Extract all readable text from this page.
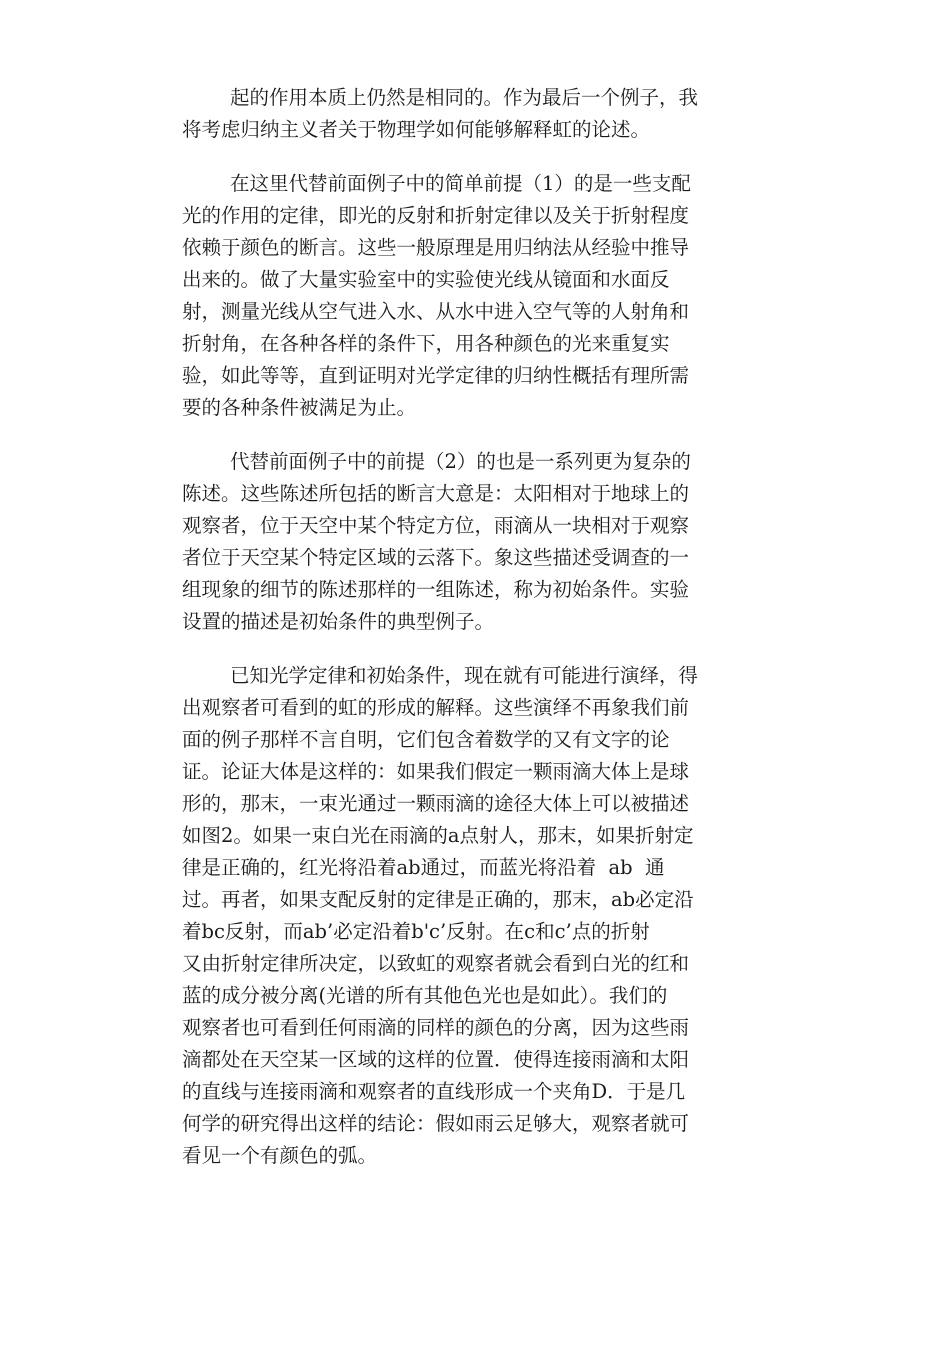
起的作用本质上仍然是相同的。作为最后一个例子，我
将考虑归纳主义者关于物理学如何能够解释虹的论述。
在这里代替前面例子中的简单前提（1）的是一些支配
光的作用的定律，即光的反射和折射定律以及关于折射程度
依赖于颜色的断言。这些一般原理是用归纳法从经验中推导
出来的。做了大量实验室中的实验使光线从镜面和水面反
射，测量光线从空气进入水、从水中进入空气等的人射角和
折射角，在各种各样的条件下，用各种颜色的光来重复实
验，如此等等，直到证明对光学定律的归纳性概括有理所需
要的各种条件被满足为止。
代替前面例子中的前提（2）的也是一系列更为复杂的
陈述。这些陈述所包括的断言大意是：太阳相对于地球上的
观察者，位于天空中某个特定方位，雨滴从一块相对于观察
者位于天空某个特定区域的云落下。象这些描述受调查的一
组现象的细节的陈述那样的一组陈述，称为初始条件。实验
设置的描述是初始条件的典型例子。
已知光学定律和初始条件，现在就有可能进行演绎，得
出观察者可看到的虹的形成的解释。这些演绎不再象我们前
面的例子那样不言自明，它们包含着数学的又有文字的论
证。论证大体是这样的：如果我们假定一颗雨滴大体上是球
形的，那末，一束光通过一颗雨滴的途径大体上可以被描述
如图2。如果一束白光在雨滴的a点射人，那末，如果折射定
律是正确的，红光将沿着ab通过，而蓝光将沿着  ab  通
过。再者，如果支配反射的定律是正确的，那末，ab必定沿
着bc反射，而ab’必定沿着b'c’反射。在c和c’点的折射
又由折射定律所决定，以致虹的观察者就会看到白光的红和
蓝的成分被分离(光谱的所有其他色光也是如此）。我们的
观察者也可看到任何雨滴的同样的颜色的分离，因为这些雨
滴都处在天空某一区域的这样的位置．使得连接雨滴和太阳
的直线与连接雨滴和观察者的直线形成一个夹角D．于是几
何学的研究得出这样的结论：假如雨云足够大，观察者就可
看见一个有颜色的弧。
